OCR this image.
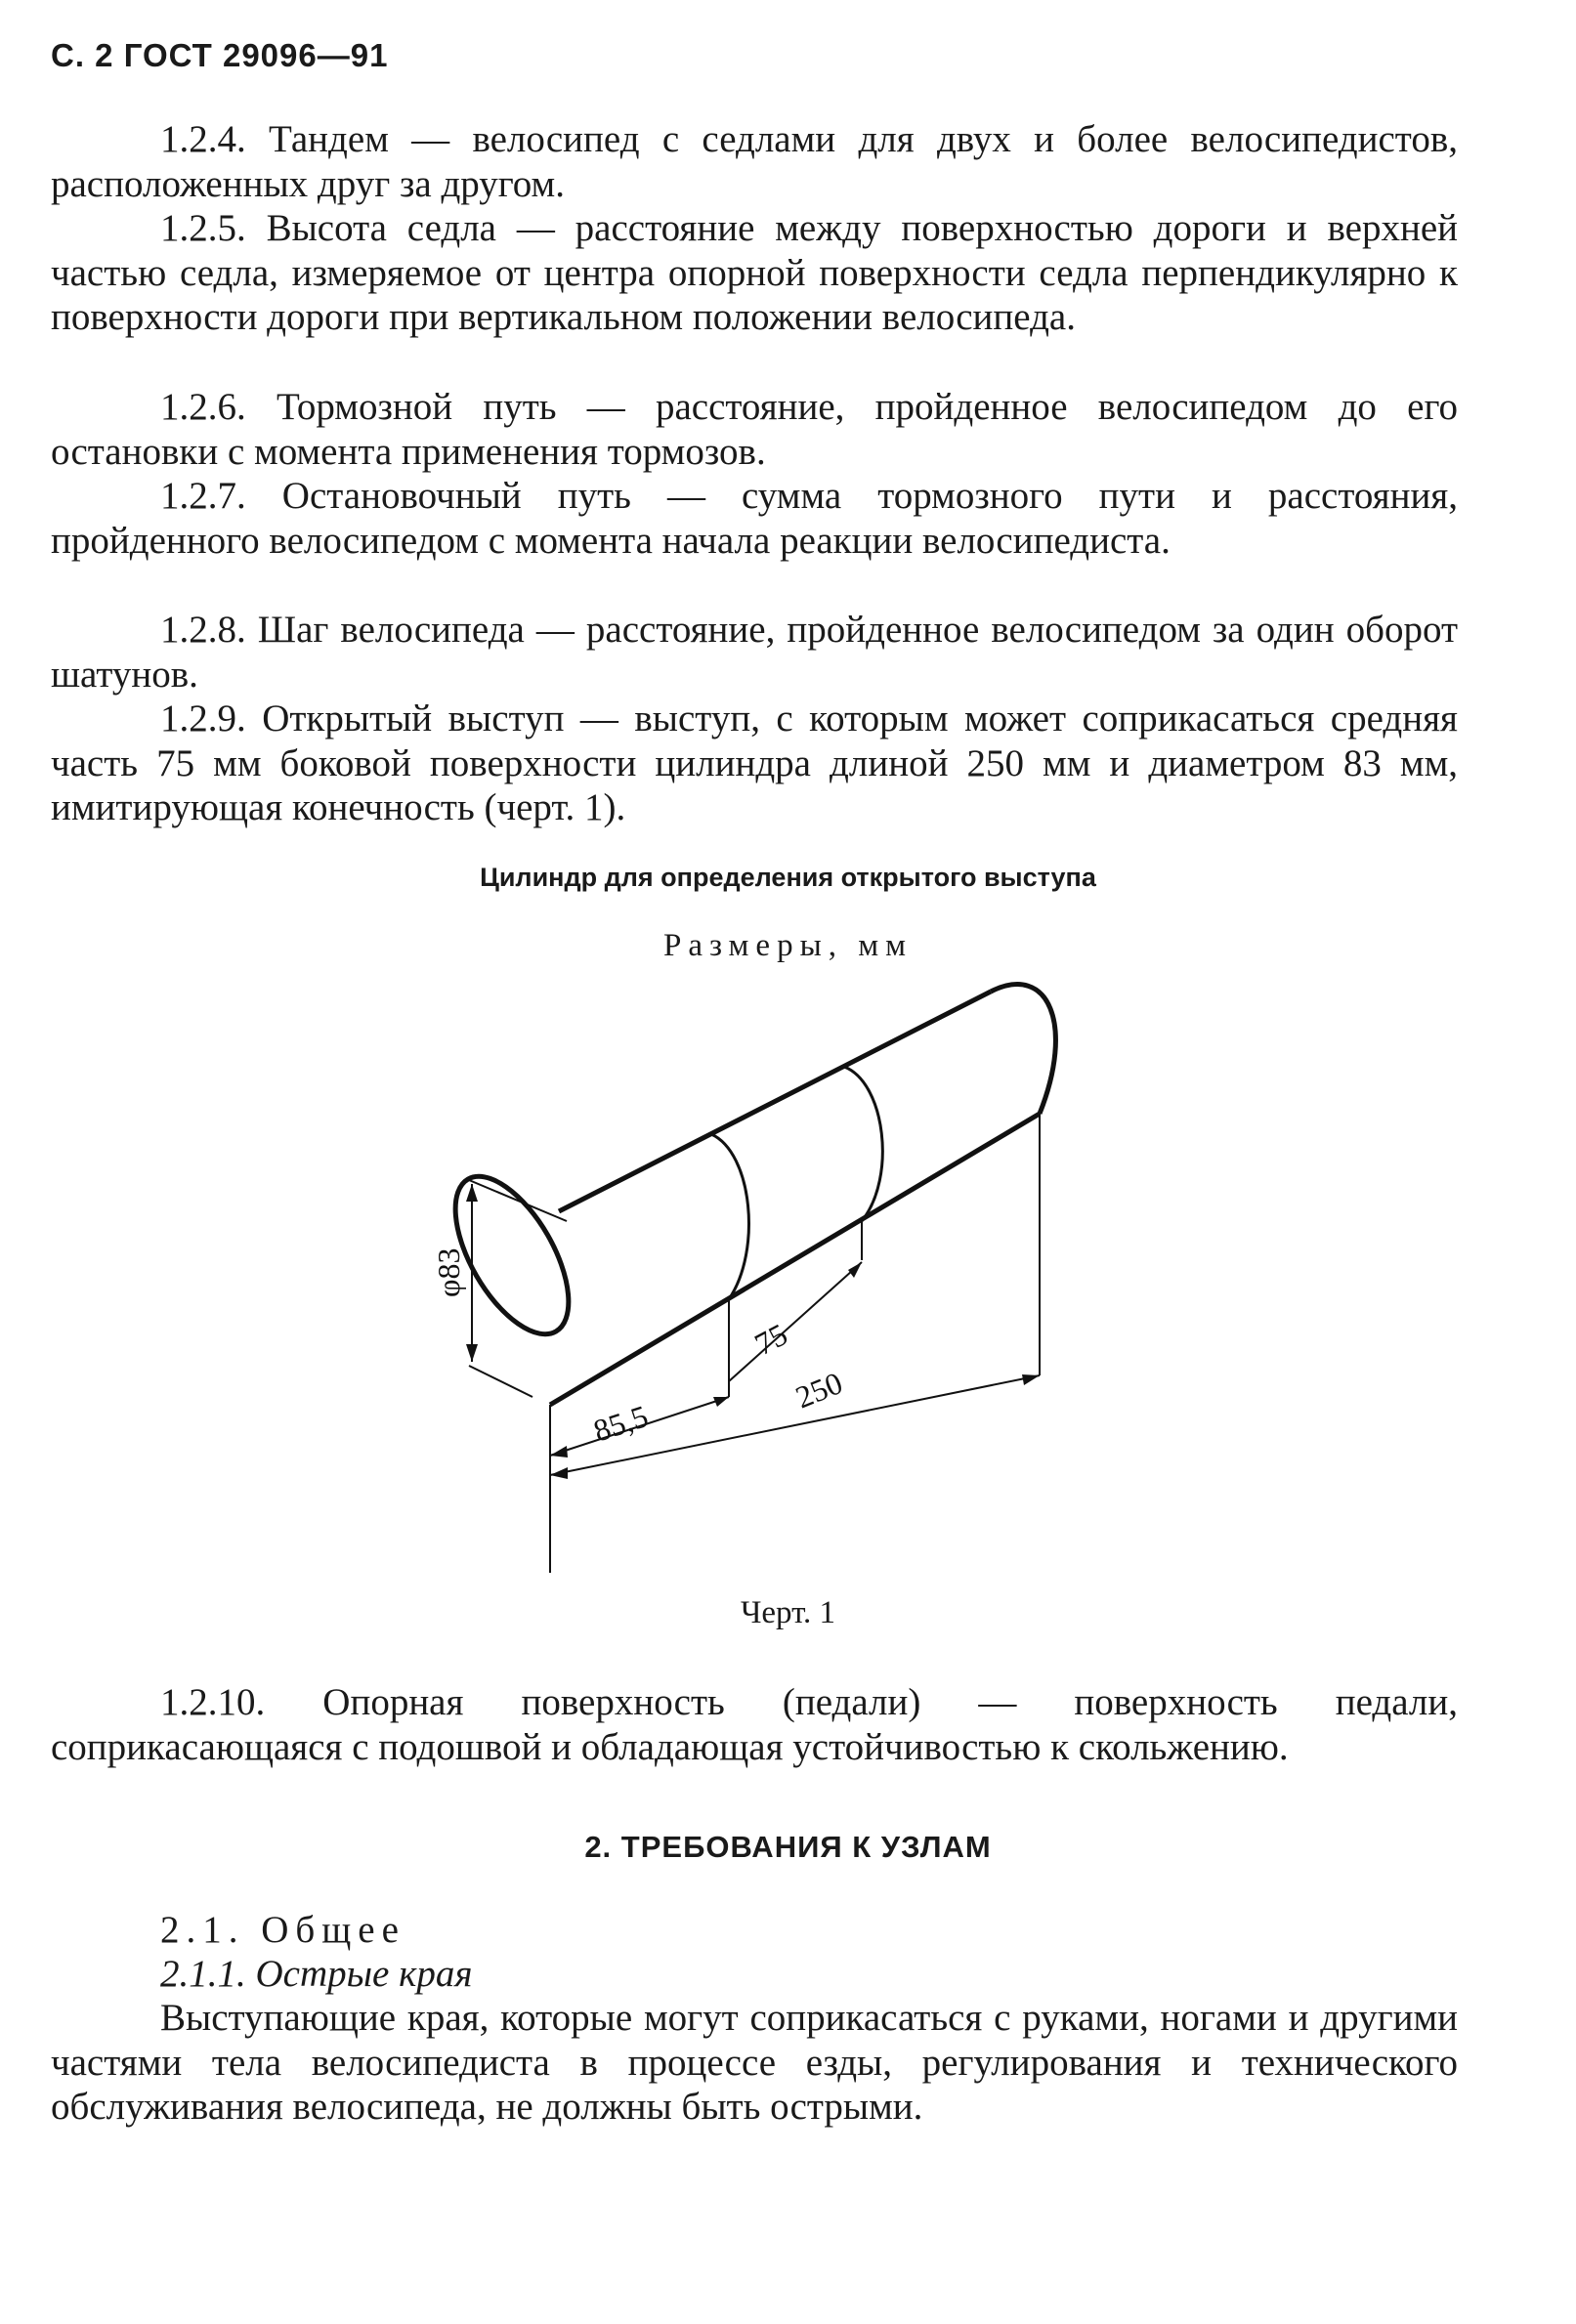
С. 2 ГОСТ 29096—91

1.2.4. Тандем — велосипед с седлами для двух и более велосипедистов, расположенных друг за другом.

1.2.5. Высота седла — расстояние между поверхностью дороги и верхней частью седла, измеряемое от центра опорной поверхности седла перпендикулярно к поверхности дороги при вертикальном положении велосипеда.

1.2.6. Тормозной путь — расстояние, пройденное велосипедом до его остановки с момента применения тормозов.

1.2.7. Остановочный путь — сумма тормозного пути и расстояния, пройденного велосипедом с момента начала реакции велосипедиста.

1.2.8. Шаг велосипеда — расстояние, пройденное велосипедом за один оборот шатунов.

1.2.9. Открытый выступ — выступ, с которым может соприкасаться средняя часть 75 мм боковой поверхности цилиндра длиной 250 мм и диаметром 83 мм, имитирующая конечность (черт. 1).

Цилиндр для определения открытого выступа
Размеры, мм
φ83
75
85,5
250
Черт. 1

1.2.10. Опорная поверхность (педали) — поверхность педали, соприкасающаяся с подошвой и обладающая устойчивостью к скольжению.

2. ТРЕБОВАНИЯ К УЗЛАМ
2.1. Общее
2.1.1. Острые края

Выступающие края, которые могут соприкасаться с руками, ногами и другими частями тела велосипедиста в процессе езды, регулирования и технического обслуживания велосипеда, не должны быть острыми.
